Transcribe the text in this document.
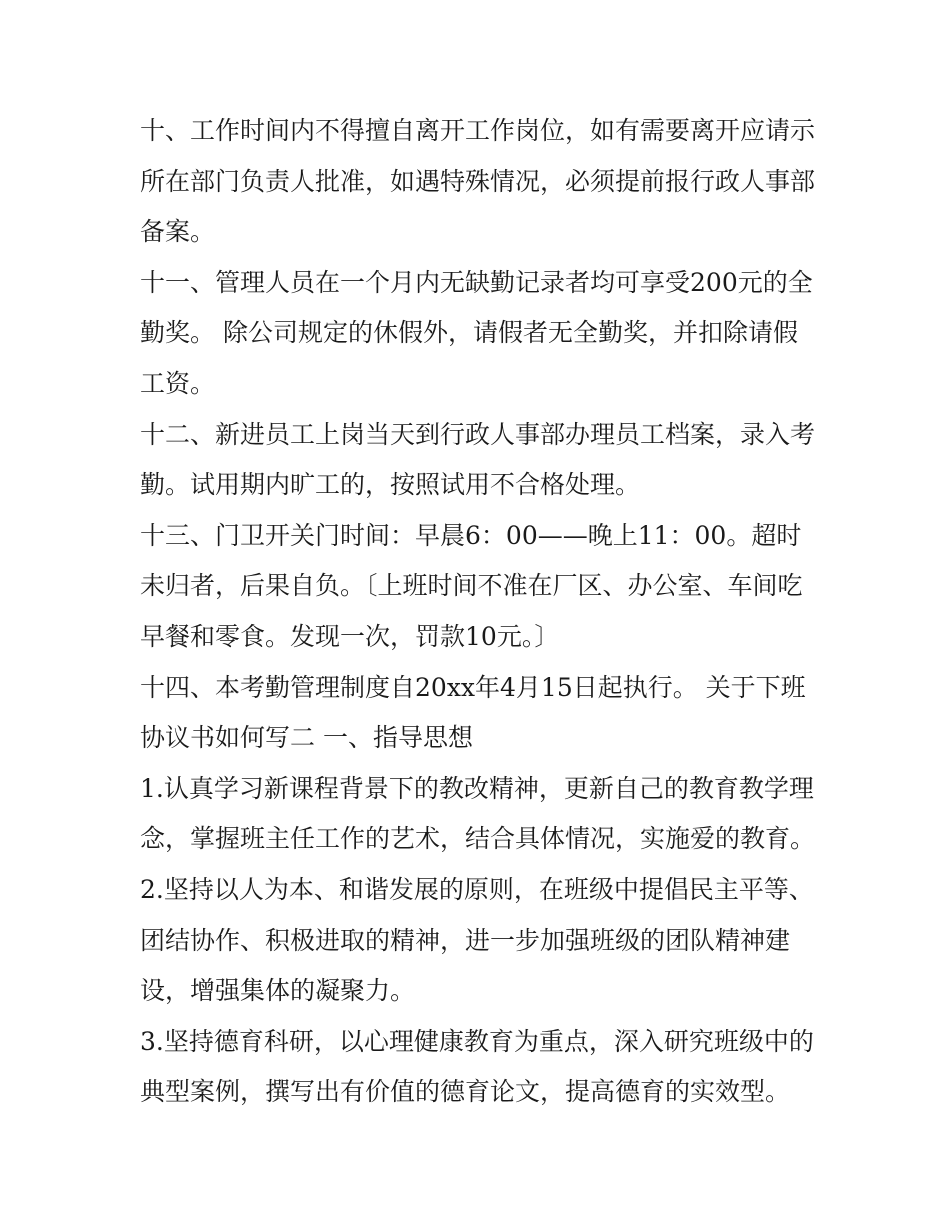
十、工作时间内不得擅自离开工作岗位，如有需要离开应请示所在部门负责人批准，如遇特殊情况，必须提前报行政人事部备案。

十一、管理人员在一个月内无缺勤记录者均可享受200元的全勤奖。 除公司规定的休假外，请假者无全勤奖，并扣除请假工资。

十二、新进员工上岗当天到行政人事部办理员工档案，录入考勤。试用期内旷工的，按照试用不合格处理。

十三、门卫开关门时间：早晨6：00——晚上11：00。超时未归者，后果自负。〔上班时间不准在厂区、办公室、车间吃早餐和零食。发现一次，罚款10元。〕

十四、本考勤管理制度自20xx年4月15日起执行。 关于下班协议书如何写二 一、指导思想

1.认真学习新课程背景下的教改精神，更新自己的教育教学理念，掌握班主任工作的艺术，结合具体情况，实施爱的教育。

2.坚持以人为本、和谐发展的原则，在班级中提倡民主平等、团结协作、积极进取的精神，进一步加强班级的团队精神建设，增强集体的凝聚力。

3.坚持德育科研，以心理健康教育为重点，深入研究班级中的典型案例，撰写出有价值的德育论文，提高德育的实效型。
